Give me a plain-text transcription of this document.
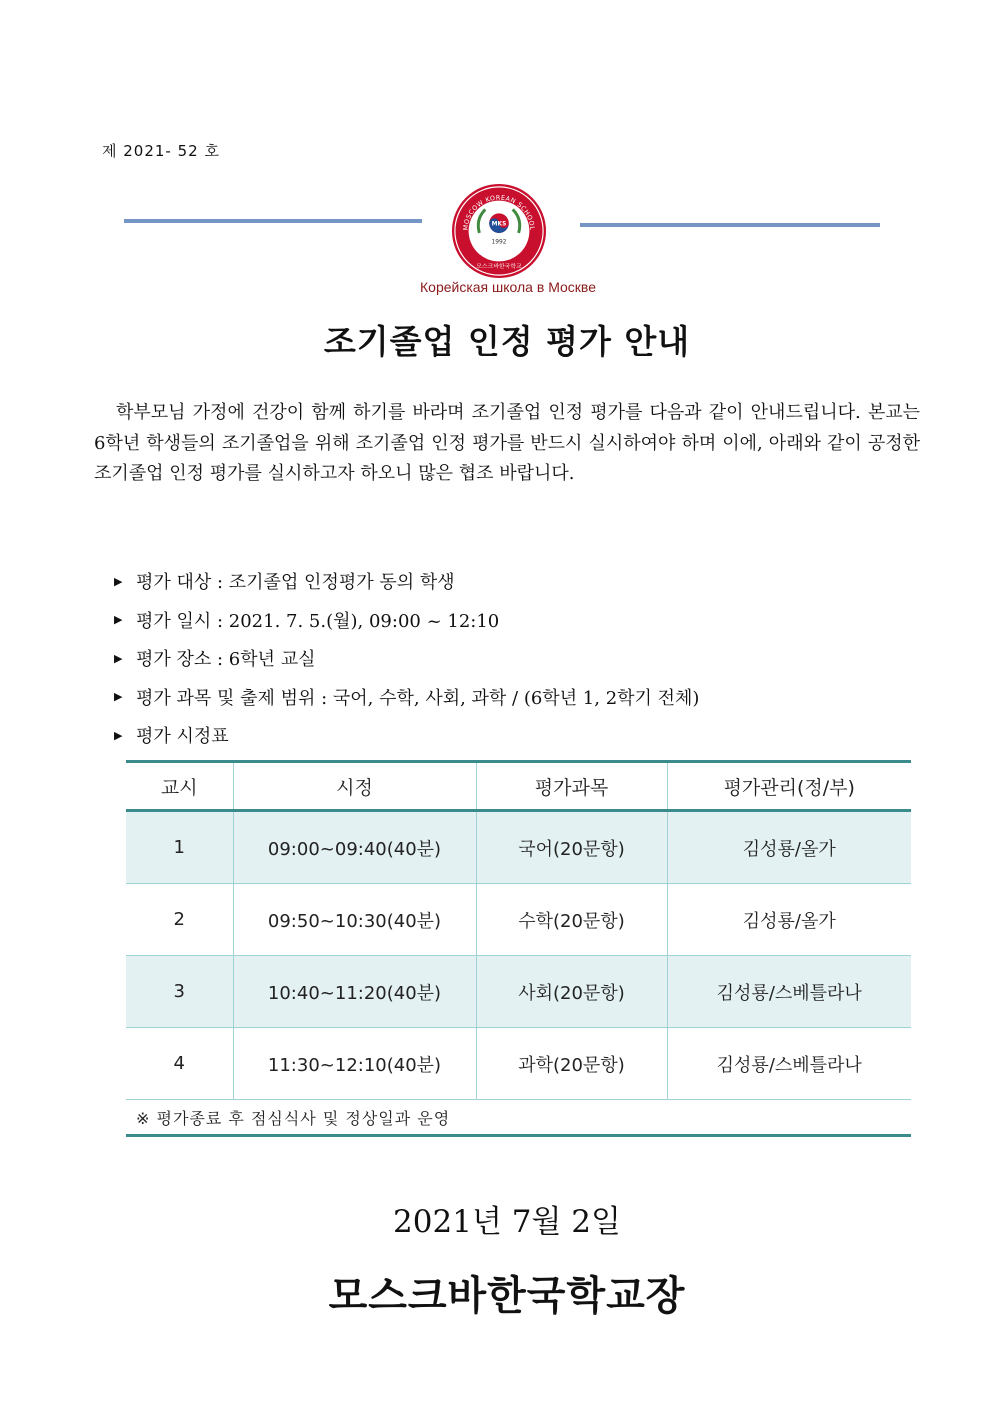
제 2021- 52 호
MOSCOW KOREAN SCHOOL
MKS
1992
모스크바한국학교
Корейская школа в Москве
조기졸업 인정 평가 안내
학부모님 가정에 건강이 함께 하기를 바라며 조기졸업 인정 평가를 다음과 같이 안내드립니다. 본교는 6학년 학생들의 조기졸업을 위해 조기졸업 인정 평가를 반드시 실시하여야 하며 이에, 아래와 같이 공정한 조기졸업 인정 평가를 실시하고자 하오니 많은 협조 바랍니다.
▶ 평가 대상 : 조기졸업 인정평가 동의 학생
▶ 평가 일시 : 2021. 7. 5.(월), 09:00 ~ 12:10
▶ 평가 장소 : 6학년 교실
▶ 평가 과목 및 출제 범위 : 국어, 수학, 사회, 과학 / (6학년 1, 2학기 전체)
▶ 평가 시정표
교시	시정	평가과목	평가관리(정/부)
1	09:00~09:40(40분)	국어(20문항)	김성룡/올가
2	09:50~10:30(40분)	수학(20문항)	김성룡/올가
3	10:40~11:20(40분)	사회(20문항)	김성룡/스베틀라나
4	11:30~12:10(40분)	과학(20문항)	김성룡/스베틀라나
※ 평가종료 후 점심식사 및 정상일과 운영			
2021년 7월 2일
모스크바한국학교장
